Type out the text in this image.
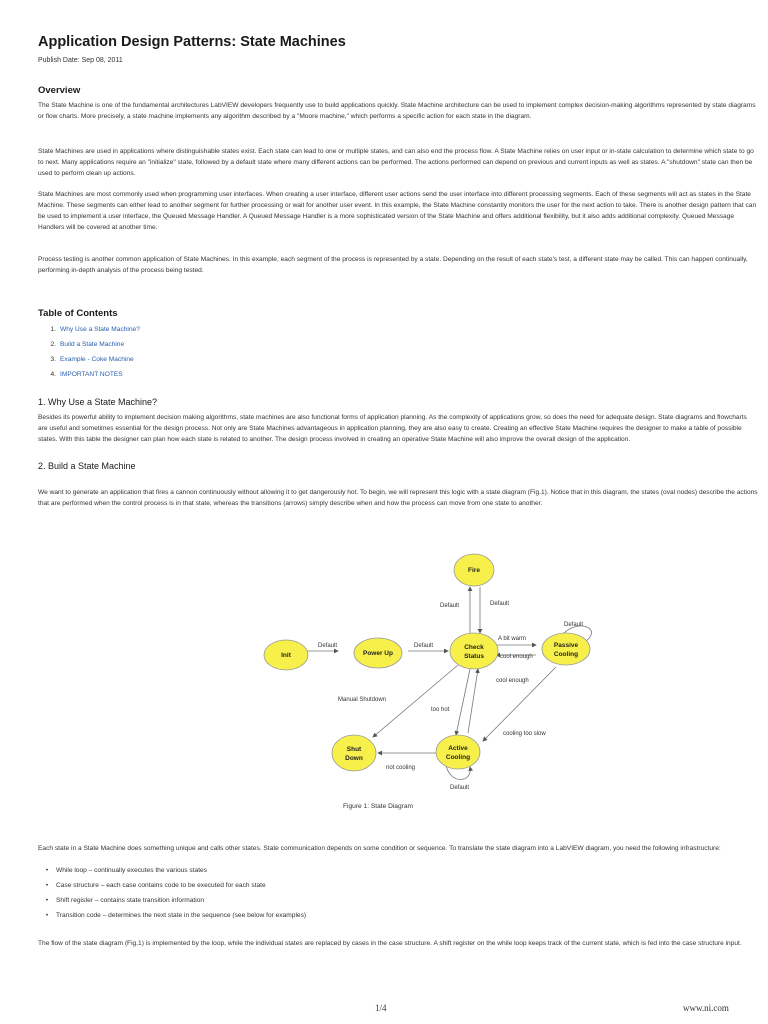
Application Design Patterns: State Machines
Publish Date: Sep 08, 2011
Overview

The State Machine is one of the fundamental architectures LabVIEW developers frequently use to build applications quickly. State Machine architecture can be used to implement complex decision-making algorithms represented by state diagrams or flow charts. More precisely, a state machine implements any algorithm described by a "Moore machine," which performs a specific action for each state in the diagram.

State Machines are used in applications where distinguishable states exist. Each state can lead to one or multiple states, and can also end the process flow. A State Machine relies on user input or in-state calculation to determine which state to go to next. Many applications require an "initialize" state, followed by a default state where many different actions can be performed. The actions performed can depend on previous and current inputs as well as states. A "shutdown" state can then be used to perform clean up actions.

State Machines are most commonly used when programming user interfaces. When creating a user interface, different user actions send the user interface into different processing segments. Each of these segments will act as states in the State Machine. These segments can either lead to another segment for further processing or wait for another user event. In this example, the State Machine constantly monitors the user for the next action to take. There is another design pattern that can be used to implement a user interface, the Queued Message Handler. A Queued Message Handler is a more sophisticated version of the State Machine and offers additional flexibility, but it also adds additional complexity. Queued Message Handlers will be covered at another time.

Process testing is another common application of State Machines. In this example, each segment of the process is represented by a state. Depending on the result of each state's test, a different state may be called. This can happen continually, performing in-depth analysis of the process being tested.

Table of Contents
1. Why Use a State Machine?
2. Build a State Machine
3. Example - Coke Machine
4. IMPORTANT NOTES
1. Why Use a State Machine?

Besides its powerful ability to implement decision making algorithms, state machines are also functional forms of application planning. As the complexity of applications grow, so does the need for adequate design. State diagrams and flowcharts are useful and sometimes essential for the design process. Not only are State Machines advantageous in application planning, they are also easy to create. Creating an effective State Machine requires the designer to make a table of possible states. With this table the designer can plan how each state is related to another. The design process involved in creating an operative State Machine will also improve the overall design of the application.

2. Build a State Machine

We want to generate an application that fires a cannon continuously without allowing it to get dangerously hot. To begin, we will represent this logic with a state diagram (Fig.1). Notice that in this diagram, the states (oval nodes) describe the actions that are performed when the control process is in that state, whereas the transitions (arrows) simply describe when and how the process can move from one state to another.

Fire
Init	Power Up
Check
Status
Passive
Cooling
Shut
Down
Active
Cooling
Default	Default
Default	Default
Default
A bit warm
cool enough
cool enough
Manual Shutdown
too hot
cooling too slow
not cooling
Default
Figure 1: State Diagram

Each state in a State Machine does something unique and calls other states. State communication depends on some condition or sequence. To translate the state diagram into a LabVIEW diagram, you need the following infrastructure:

• While loop – continually executes the various states
• Case structure – each case contains code to be executed for each state
• Shift register – contains state transition information
• Transition code – determines the next state in the sequence (see below for examples)

The flow of the state diagram (Fig.1) is implemented by the loop, while the individual states are replaced by cases in the case structure. A shift register on the while loop keeps track of the current state, which is fed into the case structure input.

1/4	www.ni.com
